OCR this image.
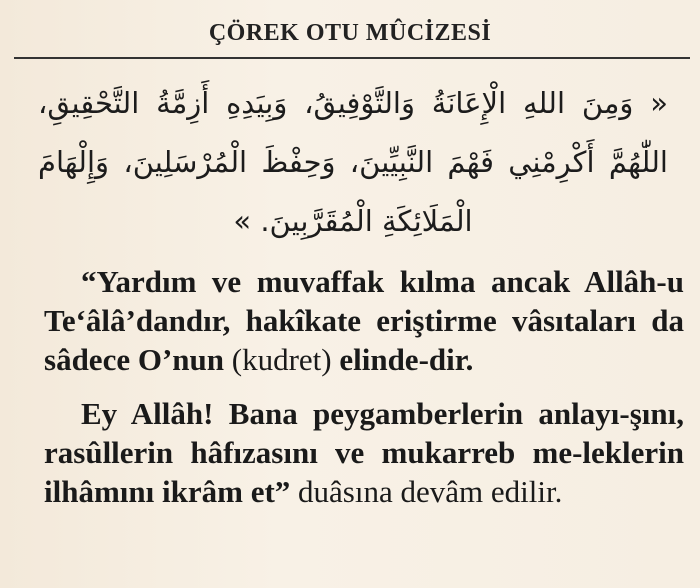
ÇÖREK OTU MÛCİZESİ

« وَمِنَ اللهِ الْإِعَانَةُ وَالتَّوْفِيقُ، وَبِيَدِهِ أَزِمَّةُ التَّحْقِيقِ، اللّٰهُمَّ أَكْرِمْنِي فَهْمَ النَّبِيِّينَ، وَحِفْظَ الْمُرْسَلِينَ، وَإِلْهَامَ الْمَلَائِكَةِ الْمُقَرَّبِينَ. »

“Yardım ve muvaffak kılma ancak Allâh-u Te‘âlâ’dandır, hakîkate eriştirme vâsıtaları da sâdece O’nun (kudret) elinde-dir.

Ey Allâh! Bana peygamberlerin anlayı-şını, rasûllerin hâfızasını ve mukarreb me-leklerin ilhâmını ikrâm et” duâsına devâm edilir.
